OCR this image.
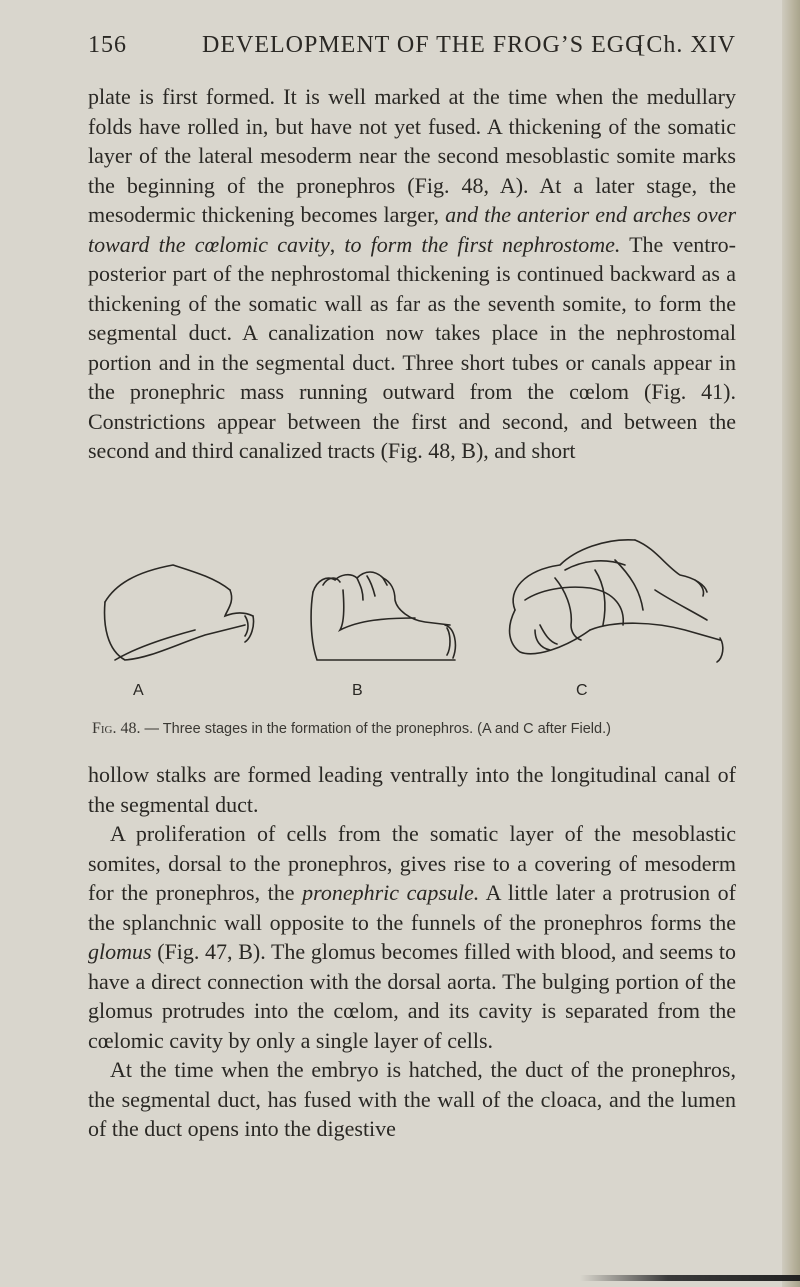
156	DEVELOPMENT OF THE FROG’S EGG
[Ch. XIV
plate is first formed. It is well marked at the time when the medullary folds have rolled in, but have not yet fused. A thickening of the somatic layer of the lateral mesoderm near the second mesoblastic somite marks the beginning of the pronephros (Fig. 48, A). At a later stage, the mesodermic thickening becomes larger, and the anterior end arches over toward the cœlomic cavity, to form the first nephrostome. The ventro-posterior part of the nephrostomal thickening is continued backward as a thickening of the somatic wall as far as the seventh somite, to form the segmental duct. A canalization now takes place in the nephrostomal portion and in the segmental duct. Three short tubes or canals appear in the pronephric mass running outward from the cœlom (Fig. 41). Constrictions appear between the first and second, and between the second and third canalized tracts (Fig. 48, B), and short
A	B	C
Fig. 48. — Three stages in the formation of the pronephros. (A and C after Field.)
hollow stalks are formed leading ventrally into the longitudinal canal of the segmental duct.
A proliferation of cells from the somatic layer of the mesoblastic somites, dorsal to the pronephros, gives rise to a covering of mesoderm for the pronephros, the pronephric capsule. A little later a protrusion of the splanchnic wall opposite to the funnels of the pronephros forms the glomus (Fig. 47, B). The glomus becomes filled with blood, and seems to have a direct connection with the dorsal aorta. The bulging portion of the glomus protrudes into the cœlom, and its cavity is separated from the cœlomic cavity by only a single layer of cells.
At the time when the embryo is hatched, the duct of the pronephros, the segmental duct, has fused with the wall of the cloaca, and the lumen of the duct opens into the digestive
